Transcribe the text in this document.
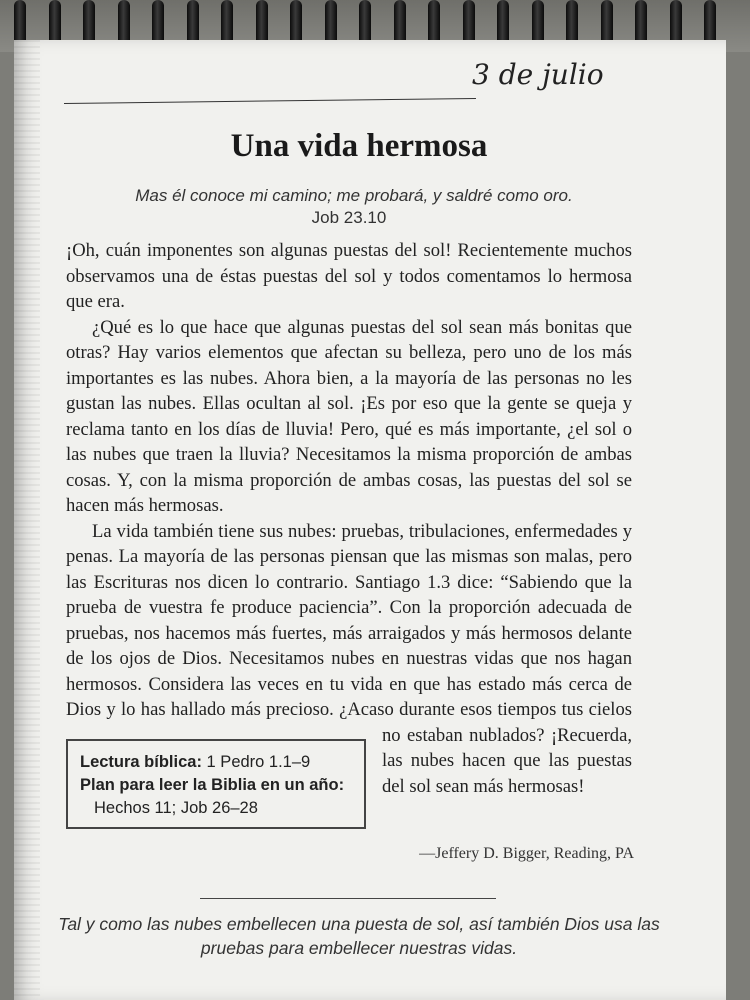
3 de julio
Una vida hermosa

Mas él conoce mi camino; me probará, y saldré como oro.

Job 23.10

¡Oh, cuán imponentes son algunas puestas del sol! Recientemente muchos observamos una de éstas puestas del sol y todos comentamos lo hermosa que era.

¿Qué es lo que hace que algunas puestas del sol sean más bonitas que otras? Hay varios elementos que afectan su belleza, pero uno de los más importantes es las nubes. Ahora bien, a la mayoría de las personas no les gustan las nubes. Ellas ocultan al sol. ¡Es por eso que la gente se queja y reclama tanto en los días de lluvia! Pero, qué es más importante, ¿el sol o las nubes que traen la lluvia? Necesitamos la misma proporción de ambas cosas. Y, con la misma proporción de ambas cosas, las puestas del sol se hacen más hermosas.

La vida también tiene sus nubes: pruebas, tribulaciones, enfermedades y penas. La mayoría de las personas piensan que las mismas son malas, pero las Escrituras nos dicen lo contrario. Santiago 1.3 dice: “Sabiendo que la prueba de vuestra fe produce paciencia”. Con la proporción adecuada de pruebas, nos hacemos más fuertes, más arraigados y más hermosos delante de los ojos de Dios. Necesitamos nubes en nuestras vidas que nos hagan hermosos. Considera las veces en tu vida en que has estado más cerca de Dios y lo has hallado más precioso.
Lectura bíblica: 1 Pedro 1.1–9
Plan para leer la Biblia en un año:
Hechos 11; Job 26–28
¿Acaso durante esos tiempos tus cielos no estaban nublados? ¡Recuerda, las nubes hacen que las puestas del sol sean más hermosas!

—Jeffery D. Bigger, Reading, PA
Tal y como las nubes embellecen una puesta de sol, así también Dios usa las pruebas para embellecer nuestras vidas.
